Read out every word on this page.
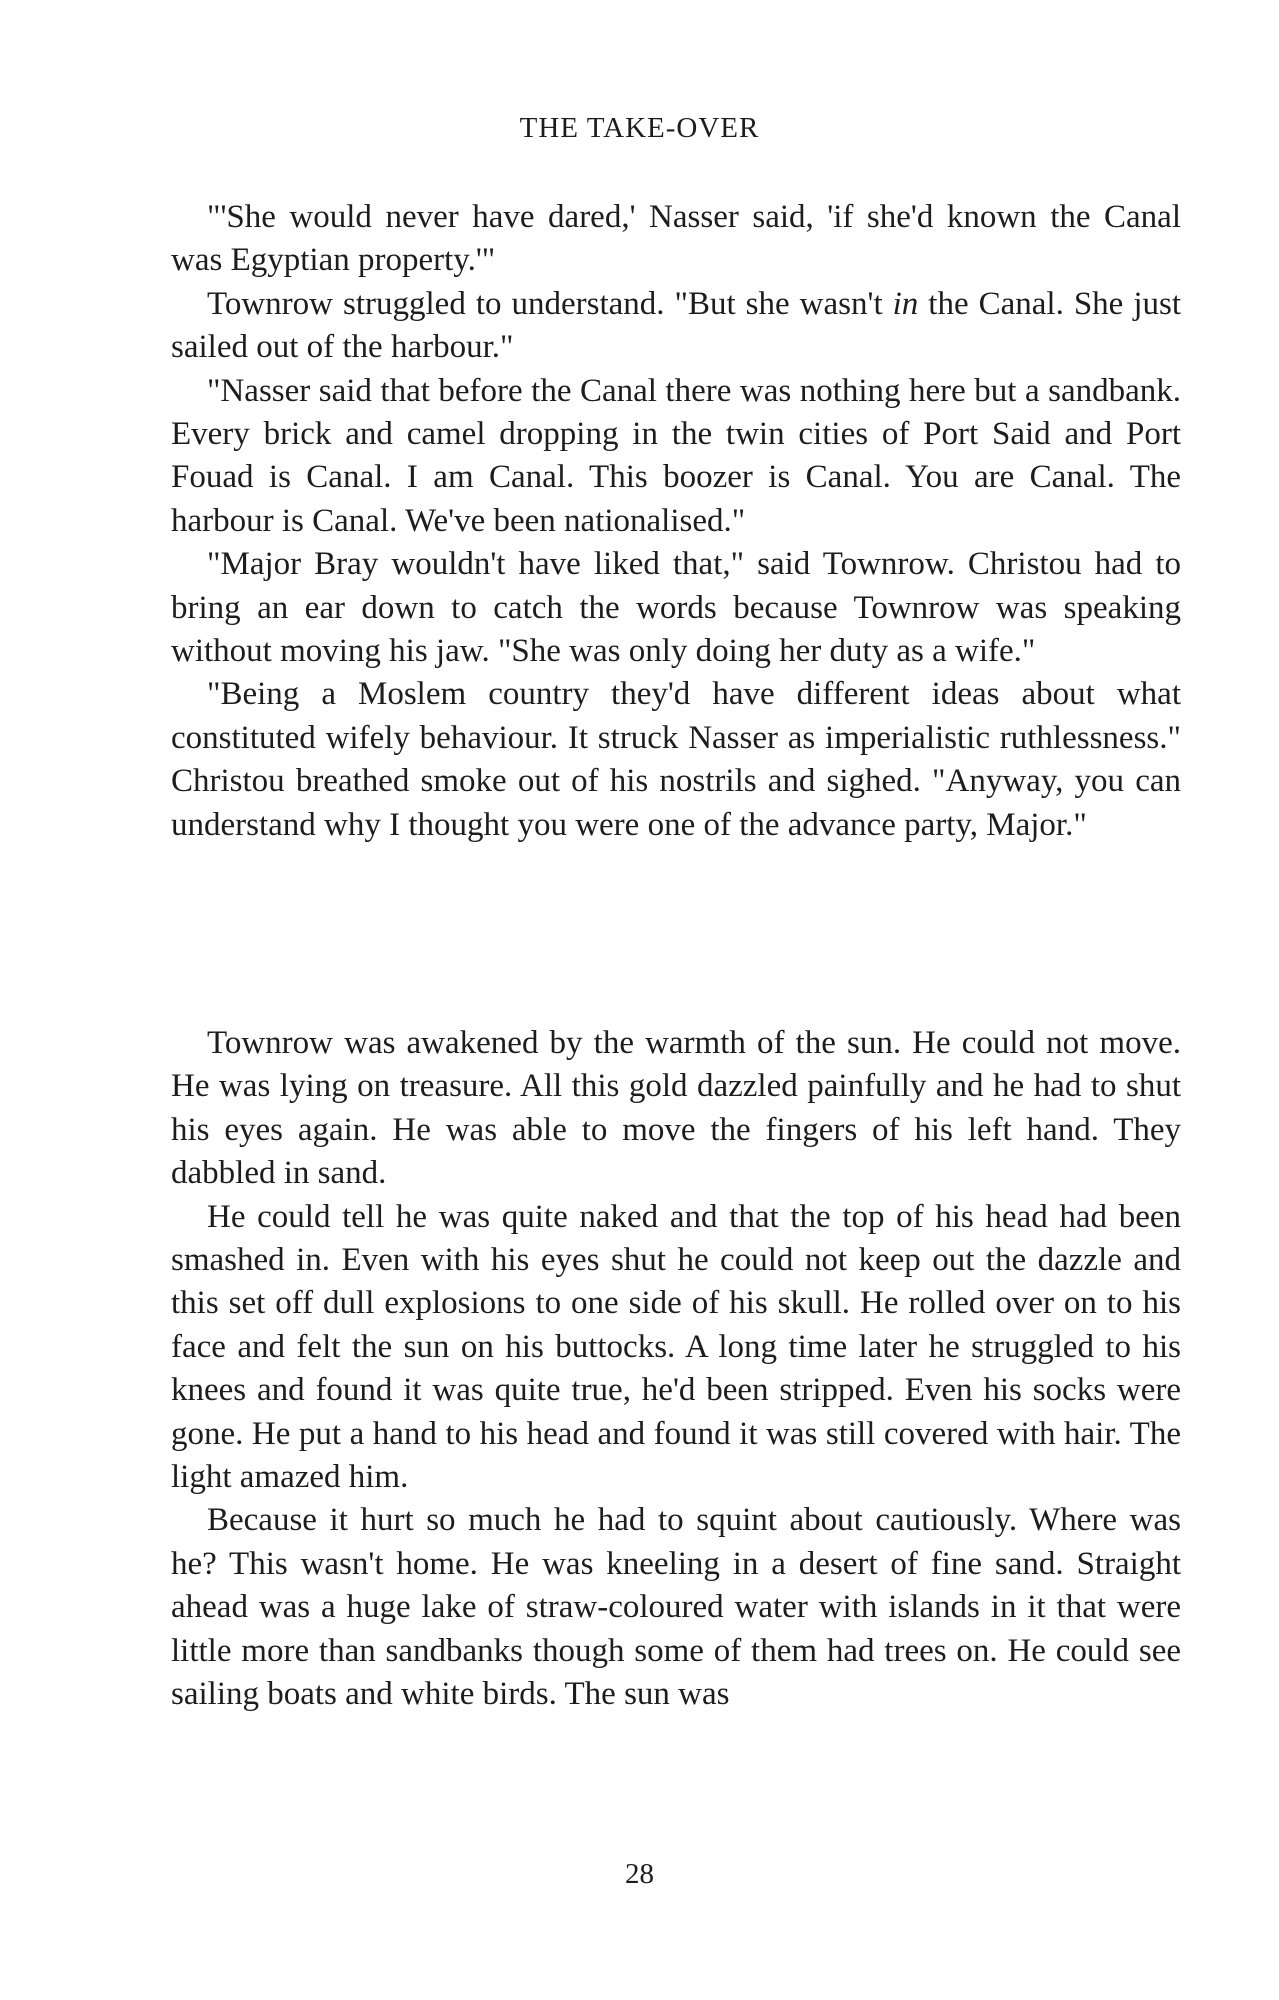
THE TAKE-OVER

"'She would never have dared,' Nasser said, 'if she'd known the Canal was Egyptian property.'"

Townrow struggled to understand. "But she wasn't in the Canal. She just sailed out of the harbour."

"Nasser said that before the Canal there was nothing here but a sandbank. Every brick and camel dropping in the twin cities of Port Said and Port Fouad is Canal. I am Canal. This boozer is Canal. You are Canal. The harbour is Canal. We've been nationalised."

"Major Bray wouldn't have liked that," said Townrow. Christou had to bring an ear down to catch the words because Townrow was speaking without moving his jaw. "She was only doing her duty as a wife."

"Being a Moslem country they'd have different ideas about what constituted wifely behaviour. It struck Nasser as imperialistic ruthlessness." Christou breathed smoke out of his nostrils and sighed. "Anyway, you can understand why I thought you were one of the advance party, Major."

Townrow was awakened by the warmth of the sun. He could not move. He was lying on treasure. All this gold dazzled painfully and he had to shut his eyes again. He was able to move the fingers of his left hand. They dabbled in sand.

He could tell he was quite naked and that the top of his head had been smashed in. Even with his eyes shut he could not keep out the dazzle and this set off dull explosions to one side of his skull. He rolled over on to his face and felt the sun on his buttocks. A long time later he struggled to his knees and found it was quite true, he'd been stripped. Even his socks were gone. He put a hand to his head and found it was still covered with hair. The light amazed him.

Because it hurt so much he had to squint about cautiously. Where was he? This wasn't home. He was kneeling in a desert of fine sand. Straight ahead was a huge lake of straw-coloured water with islands in it that were little more than sandbanks though some of them had trees on. He could see sailing boats and white birds. The sun was

28
